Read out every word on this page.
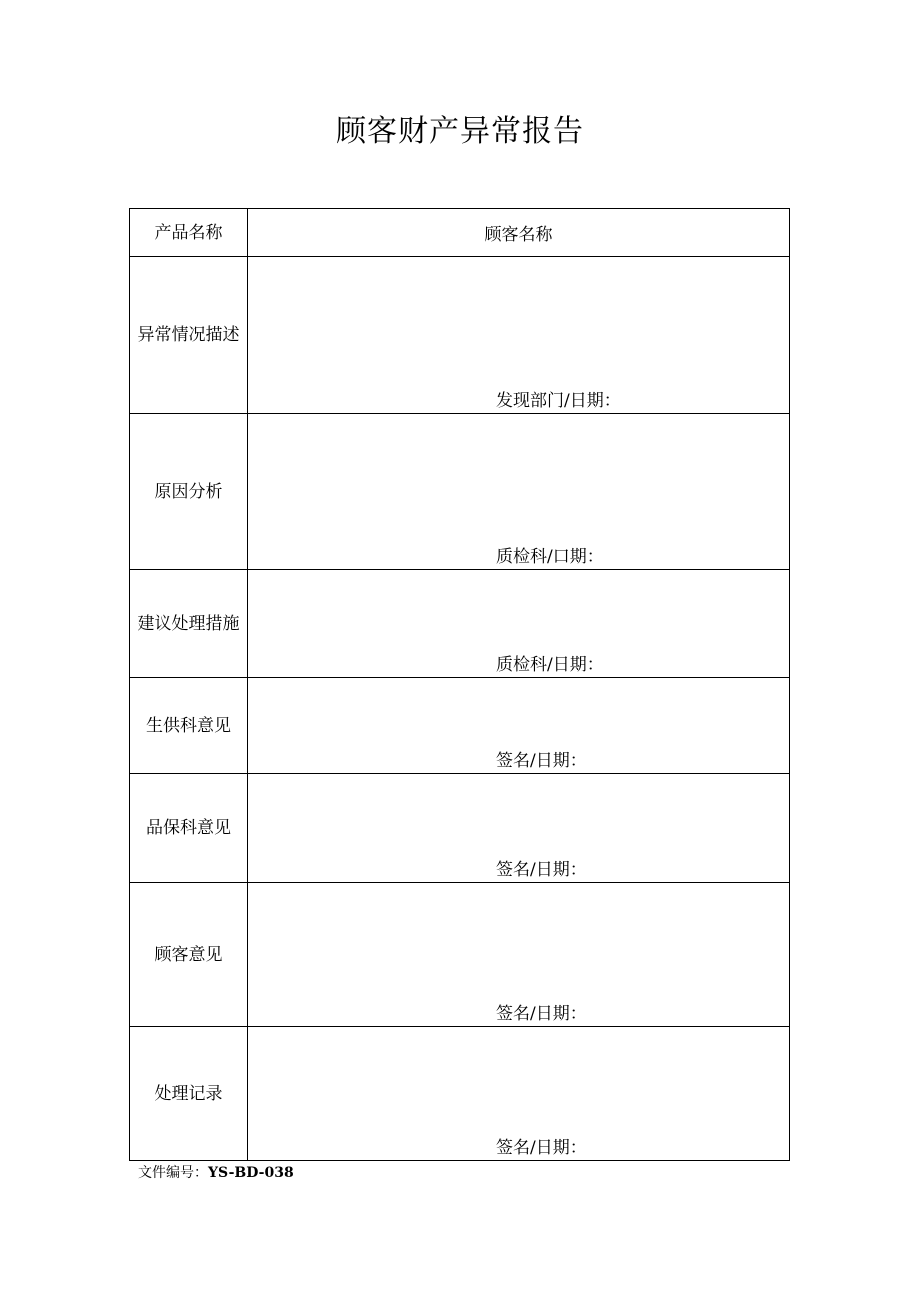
顾客财产异常报告
产品名称	顾客名称
异常情况描述	发现部门/日期：

原因分析	质检科/口期：

建议处理措施	质检科/日期：

生供科意见	签名/日期：

品保科意见	签名/日期：

顾客意见	签名/日期：

处理记录	签名/日期：
文件编号：YS-BD-038
